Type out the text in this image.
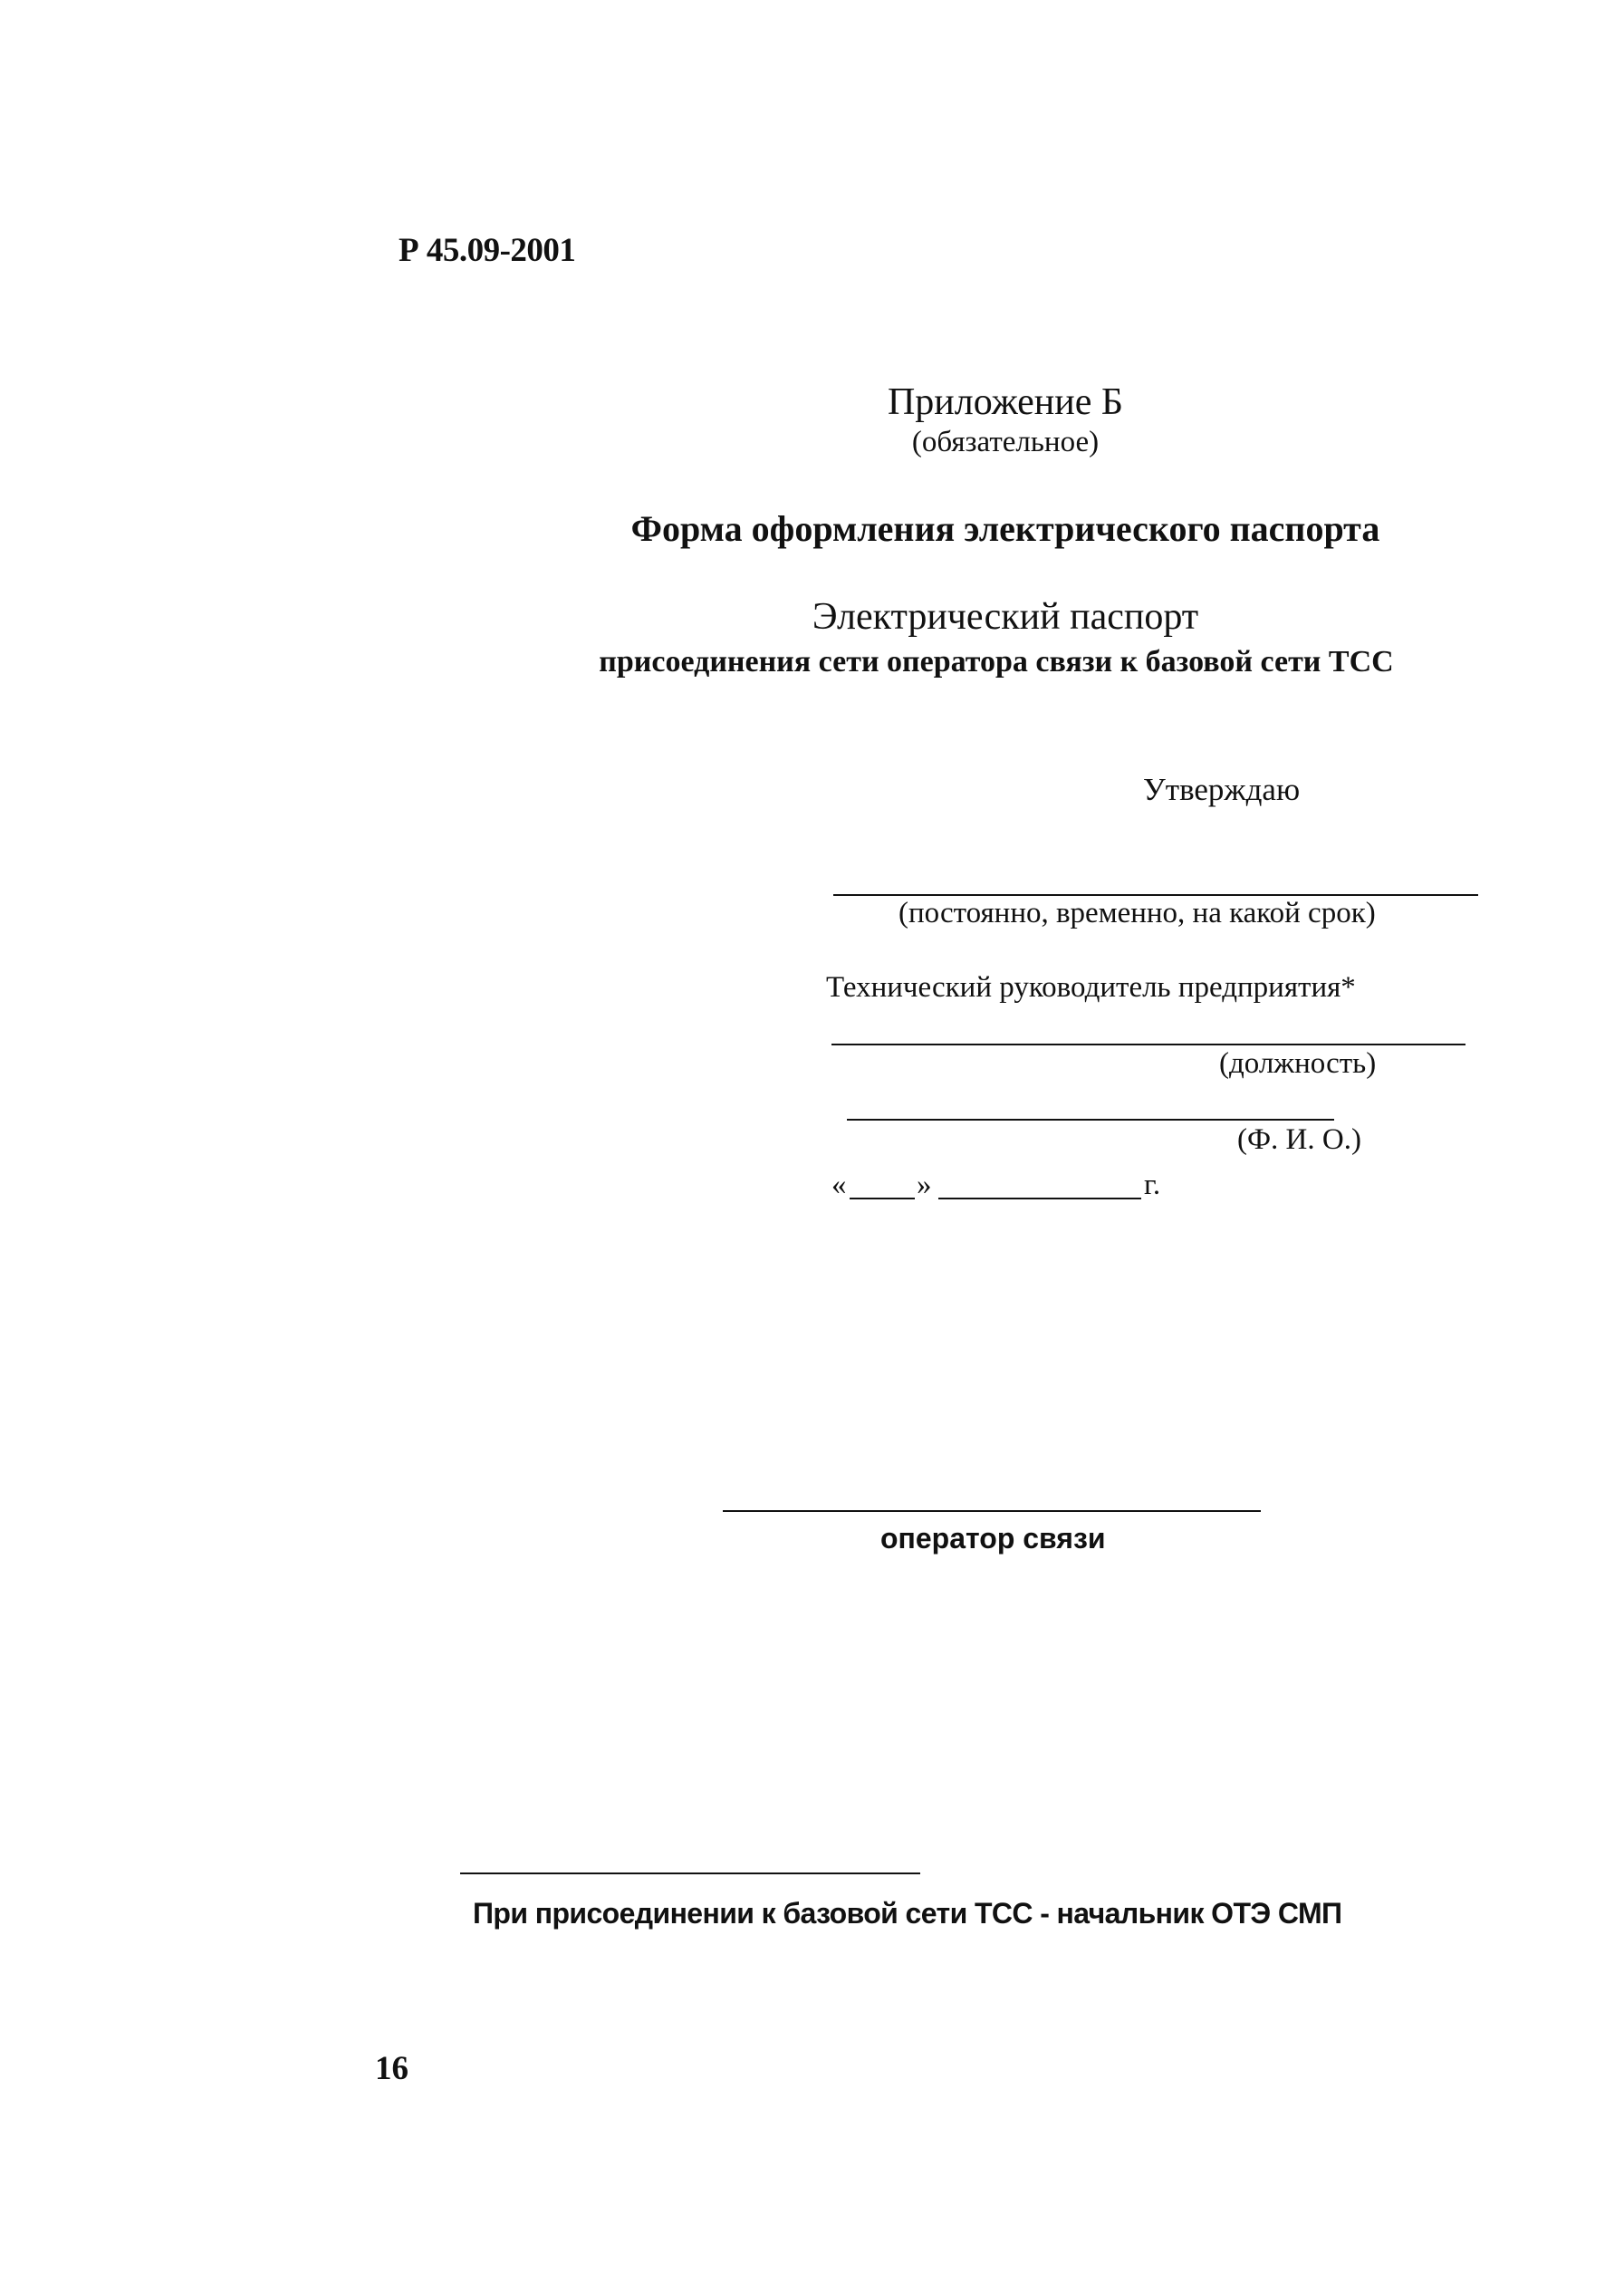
Р 45.09-2001
Приложение Б
(обязательное)
Форма оформления электрического паспорта
Электрический паспорт
присоединения сети оператора связи к базовой сети ТСС
Утверждаю
(постоянно, временно, на какой срок)
Технический руководитель предприятия*
(должность)
(Ф. И. О.)
« »	г.
оператор связи
При присоединении к базовой сети ТСС - начальник ОТЭ СМП
16
